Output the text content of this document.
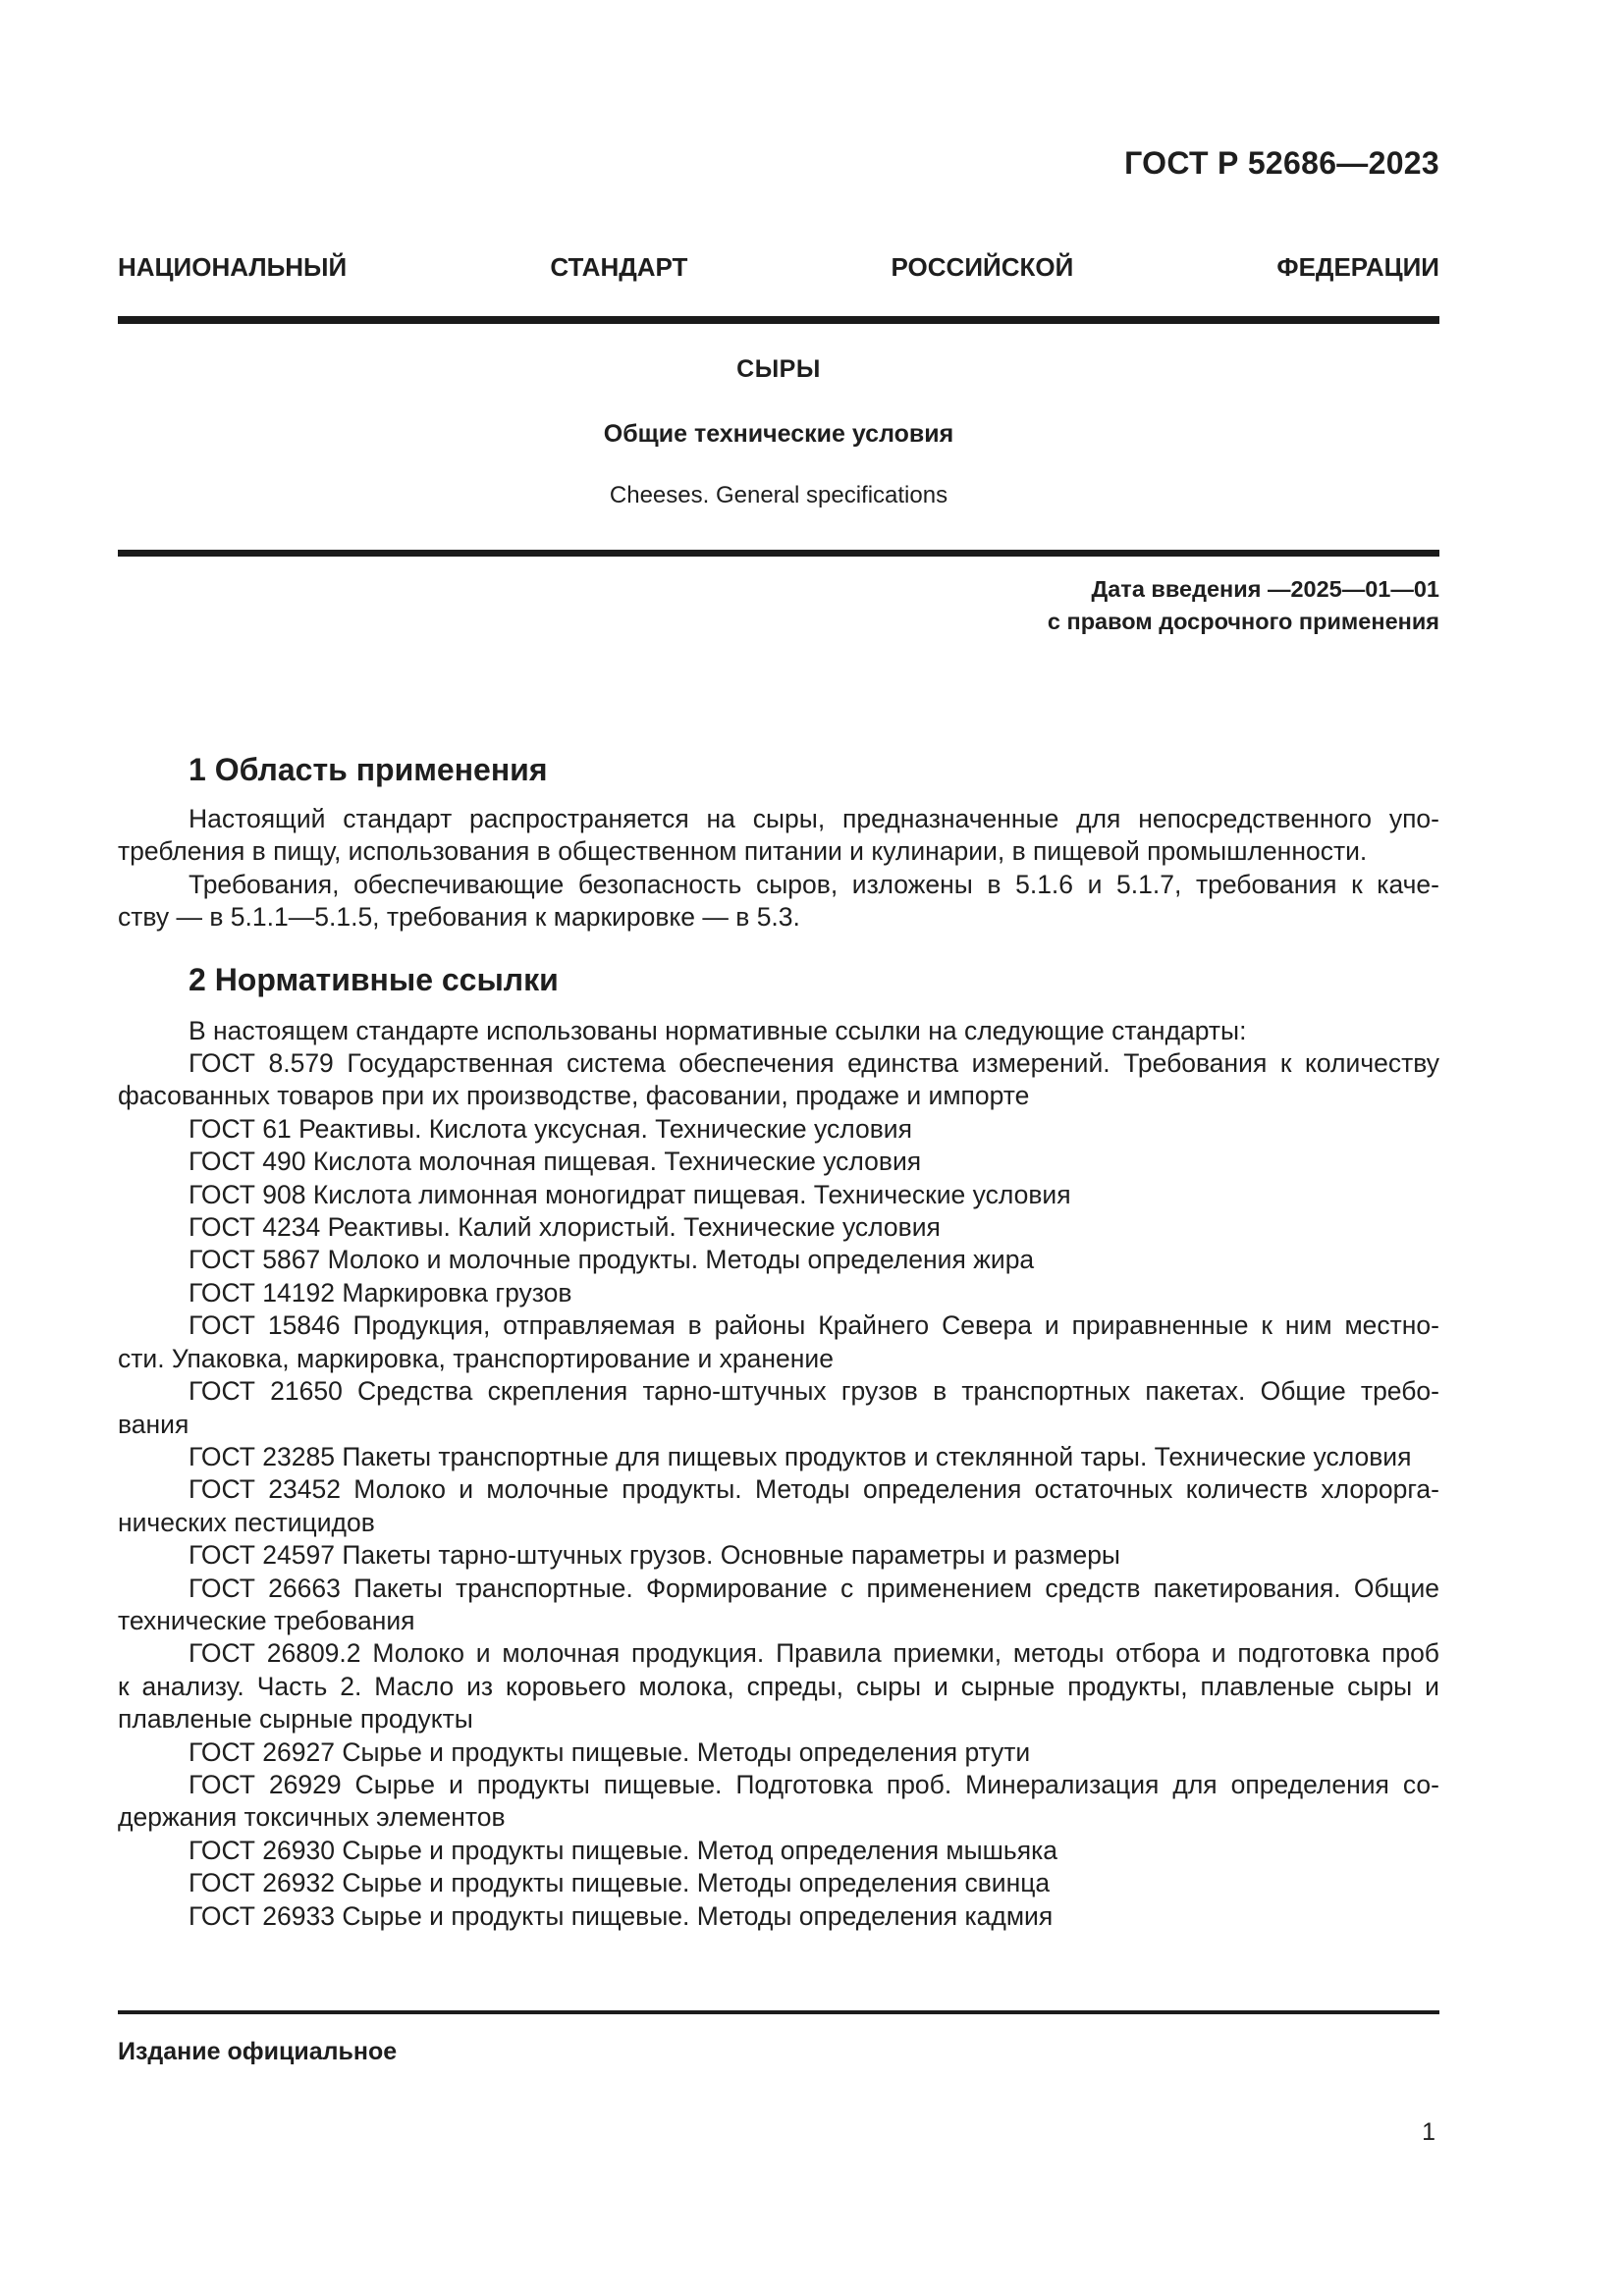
ГОСТ Р 52686—2023
НАЦИОНАЛЬНЫЙ	СТАНДАРТ	РОССИЙСКОЙ	ФЕДЕРАЦИИ
СЫРЫ
Общие технические условия
Cheeses. General specifications
Дата введения —2025—01—01
с правом досрочного применения
1 Область применения
Настоящий стандарт распространяется на сыры, предназначенные для непосредственного упо-
требления в пищу, использования в общественном питании и кулинарии, в пищевой промышленности.
Требования, обеспечивающие безопасность сыров, изложены в 5.1.6 и 5.1.7, требования к каче-
ству — в 5.1.1—5.1.5, требования к маркировке — в 5.3.
2 Нормативные ссылки
В настоящем стандарте использованы нормативные ссылки на следующие стандарты:
ГОСТ 8.579 Государственная система обеспечения единства измерений. Требования к количеству
фасованных товаров при их производстве, фасовании, продаже и импорте
ГОСТ 61 Реактивы. Кислота уксусная. Технические условия
ГОСТ 490 Кислота молочная пищевая. Технические условия
ГОСТ 908 Кислота лимонная моногидрат пищевая. Технические условия
ГОСТ 4234 Реактивы. Калий хлористый. Технические условия
ГОСТ 5867 Молоко и молочные продукты. Методы определения жира
ГОСТ 14192 Маркировка грузов
ГОСТ 15846 Продукция, отправляемая в районы Крайнего Севера и приравненные к ним местно-
сти. Упаковка, маркировка, транспортирование и хранение
ГОСТ 21650 Средства скрепления тарно-штучных грузов в транспортных пакетах. Общие требо-
вания
ГОСТ 23285 Пакеты транспортные для пищевых продуктов и стеклянной тары. Технические условия
ГОСТ 23452 Молоко и молочные продукты. Методы определения остаточных количеств хлорорга-
нических пестицидов
ГОСТ 24597 Пакеты тарно-штучных грузов. Основные параметры и размеры
ГОСТ 26663 Пакеты транспортные. Формирование с применением средств пакетирования. Общие
технические требования
ГОСТ 26809.2 Молоко и молочная продукция. Правила приемки, методы отбора и подготовка проб
к анализу. Часть 2. Масло из коровьего молока, спреды, сыры и сырные продукты, плавленые сыры и
плавленые сырные продукты
ГОСТ 26927 Сырье и продукты пищевые. Методы определения ртути
ГОСТ 26929 Сырье и продукты пищевые. Подготовка проб. Минерализация для определения со-
держания токсичных элементов
ГОСТ 26930 Сырье и продукты пищевые. Метод определения мышьяка
ГОСТ 26932 Сырье и продукты пищевые. Методы определения свинца
ГОСТ 26933 Сырье и продукты пищевые. Методы определения кадмия
Издание официальное
1
